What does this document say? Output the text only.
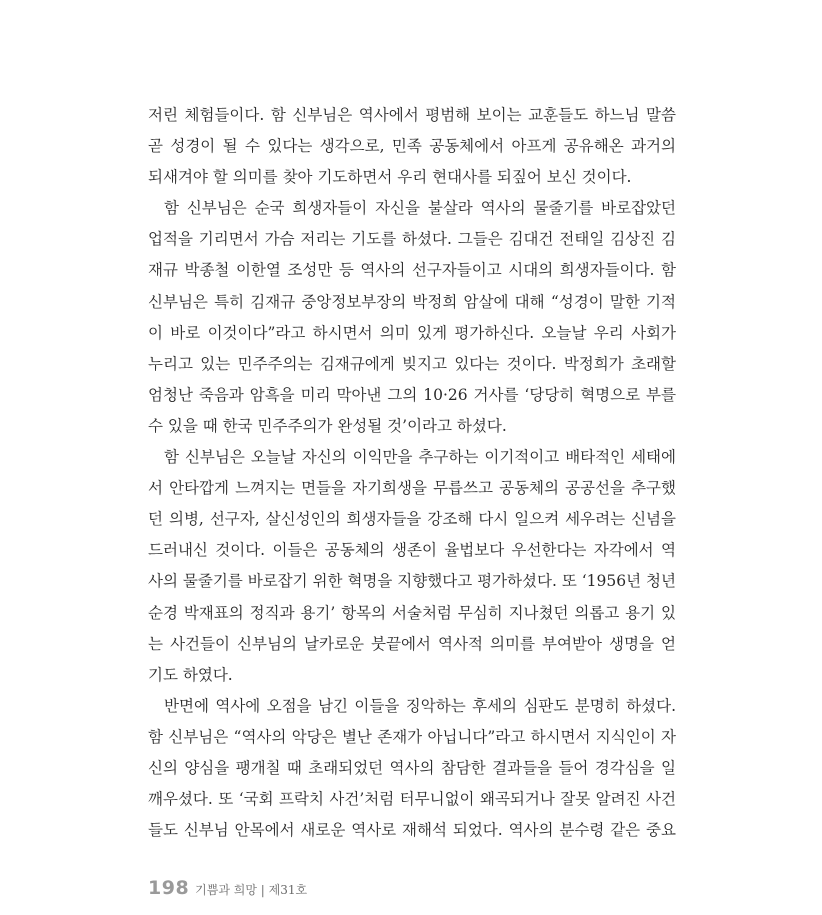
저린 체험들이다. 함 신부님은 역사에서 평범해 보이는 교훈들도 하느님 말씀
곧 성경이 될 수 있다는 생각으로, 민족 공동체에서 아프게 공유해온 과거의
되새겨야 할 의미를 찾아 기도하면서 우리 현대사를 되짚어 보신 것이다.
함 신부님은 순국 희생자들이 자신을 불살라 역사의 물줄기를 바로잡았던
업적을 기리면서 가슴 저리는 기도를 하셨다. 그들은 김대건 전태일 김상진 김
재규 박종철 이한열 조성만 등 역사의 선구자들이고 시대의 희생자들이다. 함
신부님은 특히 김재규 중앙정보부장의 박정희 암살에 대해 “성경이 말한 기적
이 바로 이것이다”라고 하시면서 의미 있게 평가하신다. 오늘날 우리 사회가
누리고 있는 민주주의는 김재규에게 빚지고 있다는 것이다. 박정희가 초래할
엄청난 죽음과 암흑을 미리 막아낸 그의 10·26 거사를 ‘당당히 혁명으로 부를
수 있을 때 한국 민주주의가 완성될 것’이라고 하셨다.
함 신부님은 오늘날 자신의 이익만을 추구하는 이기적이고 배타적인 세태에
서 안타깝게 느껴지는 면들을 자기희생을 무릅쓰고 공동체의 공공선을 추구했
던 의병, 선구자, 살신성인의 희생자들을 강조해 다시 일으켜 세우려는 신념을
드러내신 것이다. 이들은 공동체의 생존이 율법보다 우선한다는 자각에서 역
사의 물줄기를 바로잡기 위한 혁명을 지향했다고 평가하셨다. 또 ‘1956년 청년
순경 박재표의 정직과 용기’ 항목의 서술처럼 무심히 지나쳤던 의롭고 용기 있
는 사건들이 신부님의 날카로운 붓끝에서 역사적 의미를 부여받아 생명을 얻
기도 하였다.
반면에 역사에 오점을 남긴 이들을 징악하는 후세의 심판도 분명히 하셨다.
함 신부님은 “역사의 악당은 별난 존재가 아닙니다”라고 하시면서 지식인이 자
신의 양심을 팽개칠 때 초래되었던 역사의 참담한 결과들을 들어 경각심을 일
깨우셨다. 또 ‘국회 프락치 사건’처럼 터무니없이 왜곡되거나 잘못 알려진 사건
들도 신부님 안목에서 새로운 역사로 재해석 되었다. 역사의 분수령 같은 중요
198 기쁨과 희망 | 제31호
